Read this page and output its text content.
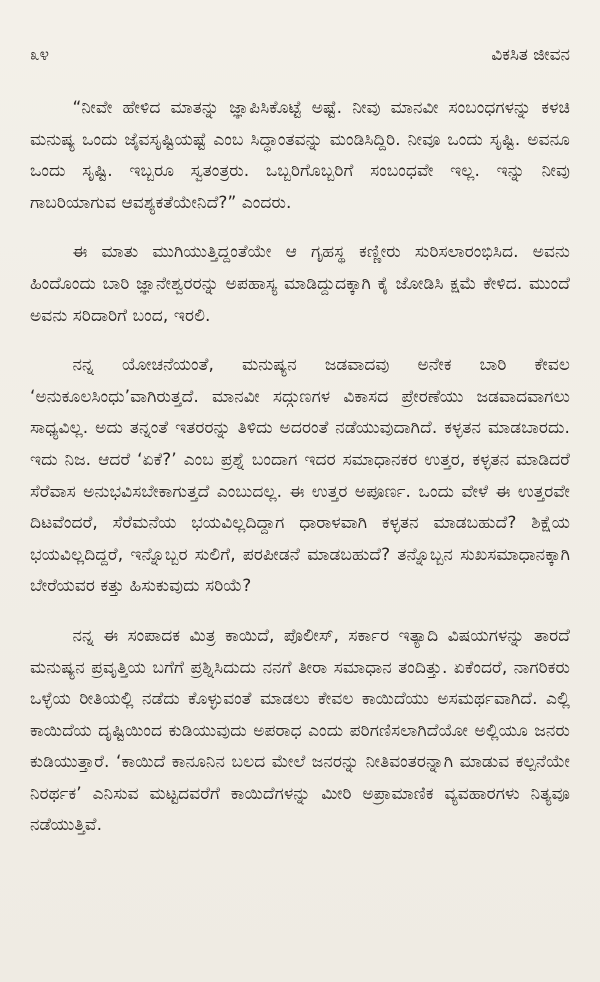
೩೪	ವಿಕಸಿತ ಜೀವನ

“ನೀವೇ ಹೇಳಿದ ಮಾತನ್ನು ಜ್ಞಾಪಿಸಿಕೊಟ್ಟೆ ಅಷ್ಟೆ. ನೀವು ಮಾನವೀ ಸಂಬಂಧಗಳನ್ನು ಕಳಚಿ ಮನುಷ್ಯ ಒಂದು ಜೈವಸೃಷ್ಟಿಯಷ್ಟೆ ಎಂಬ ಸಿದ್ಧಾಂತವನ್ನು ಮಂಡಿಸಿದ್ದಿರಿ. ನೀವೂ ಒಂದು ಸೃಷ್ಟಿ. ಅವನೂ ಒಂದು ಸೃಷ್ಟಿ. ಇಬ್ಬರೂ ಸ್ವತಂತ್ರರು. ಒಬ್ಬರಿಗೊಬ್ಬರಿಗೆ ಸಂಬಂಧವೇ ಇಲ್ಲ. ಇನ್ನು ನೀವು ಗಾಬರಿಯಾಗುವ ಆವಶ್ಯಕತೆಯೇನಿದೆ?” ಎಂದರು.

ಈ ಮಾತು ಮುಗಿಯುತ್ತಿದ್ದಂತೆಯೇ ಆ ಗೃಹಸ್ಥ ಕಣ್ಣೀರು ಸುರಿಸಲಾರಂಭಿಸಿದ. ಅವನು ಹಿಂದೊಂದು ಬಾರಿ ಜ್ಞಾನೇಶ್ವರರನ್ನು ಅಪಹಾಸ್ಯ ಮಾಡಿದ್ದುದಕ್ಕಾಗಿ ಕೈ ಜೋಡಿಸಿ ಕ್ಷಮೆ ಕೇಳಿದ. ಮುಂದೆ ಅವನು ಸರಿದಾರಿಗೆ ಬಂದ, ಇರಲಿ.

ನನ್ನ ಯೋಚನೆಯಂತೆ, ಮನುಷ್ಯನ ಜಡವಾದವು ಅನೇಕ ಬಾರಿ ಕೇವಲ ‘ಅನುಕೂಲಸಿಂಧು’ವಾಗಿರುತ್ತದೆ. ಮಾನವೀ ಸದ್ಗುಣಗಳ ವಿಕಾಸದ ಪ್ರೇರಣೆಯು ಜಡವಾದವಾಗಲು ಸಾಧ್ಯವಿಲ್ಲ. ಅದು ತನ್ನಂತೆ ಇತರರನ್ನು ತಿಳಿದು ಅದರಂತೆ ನಡೆಯುವುದಾಗಿದೆ. ಕಳ್ಳತನ ಮಾಡಬಾರದು. ಇದು ನಿಜ. ಆದರೆ ‘ಏಕೆ?’ ಎಂಬ ಪ್ರಶ್ನೆ ಬಂದಾಗ ಇದರ ಸಮಾಧಾನಕರ ಉತ್ತರ, ಕಳ್ಳತನ ಮಾಡಿದರೆ ಸೆರೆವಾಸ ಅನುಭವಿಸಬೇಕಾಗುತ್ತದೆ ಎಂಬುದಲ್ಲ. ಈ ಉತ್ತರ ಅಪೂರ್ಣ. ಒಂದು ವೇಳೆ ಈ ಉತ್ತರವೇ ದಿಟವೆಂದರೆ, ಸೆರೆಮನೆಯ ಭಯವಿಲ್ಲದಿದ್ದಾಗ ಧಾರಾಳವಾಗಿ ಕಳ್ಳತನ ಮಾಡಬಹುದೆ? ಶಿಕ್ಷೆಯ ಭಯವಿಲ್ಲದಿದ್ದರೆ, ಇನ್ನೊಬ್ಬರ ಸುಲಿಗೆ, ಪರಪೀಡನೆ ಮಾಡಬಹುದೆ? ತನ್ನೊಬ್ಬನ ಸುಖಸಮಾಧಾನಕ್ಕಾಗಿ ಬೇರೆಯವರ ಕತ್ತು ಹಿಸುಕುವುದು ಸರಿಯೆ?

ನನ್ನ ಈ ಸಂಪಾದಕ ಮಿತ್ರ ಕಾಯಿದೆ, ಪೊಲೀಸ್, ಸರ್ಕಾರ ಇತ್ಯಾದಿ ವಿಷಯಗಳನ್ನು ತಾರದೆ ಮನುಷ್ಯನ ಪ್ರವೃತ್ತಿಯ ಬಗೆಗೆ ಪ್ರಶ್ನಿಸಿದುದು ನನಗೆ ತೀರಾ ಸಮಾಧಾನ ತಂದಿತ್ತು. ಏಕೆಂದರೆ, ನಾಗರಿಕರು ಒಳ್ಳೆಯ ರೀತಿಯಲ್ಲಿ ನಡೆದು ಕೊಳ್ಳುವಂತೆ ಮಾಡಲು ಕೇವಲ ಕಾಯಿದೆಯು ಅಸಮರ್ಥವಾಗಿದೆ. ಎಲ್ಲಿ ಕಾಯಿದೆಯ ದೃಷ್ಟಿಯಿಂದ ಕುಡಿಯುವುದು ಅಪರಾಧ ಎಂದು ಪರಿಗಣಿಸಲಾಗಿದೆಯೋ ಅಲ್ಲಿಯೂ ಜನರು ಕುಡಿಯುತ್ತಾರೆ. ‘ಕಾಯಿದೆ ಕಾನೂನಿನ ಬಲದ ಮೇಲೆ ಜನರನ್ನು ನೀತಿವಂತರನ್ನಾಗಿ ಮಾಡುವ ಕಲ್ಪನೆಯೇ ನಿರರ್ಥಕ’ ಎನಿಸುವ ಮಟ್ಟದವರೆಗೆ ಕಾಯಿದೆಗಳನ್ನು ಮೀರಿ ಅಪ್ರಾಮಾಣಿಕ ವ್ಯವಹಾರಗಳು ನಿತ್ಯವೂ ನಡೆಯುತ್ತಿವೆ.
